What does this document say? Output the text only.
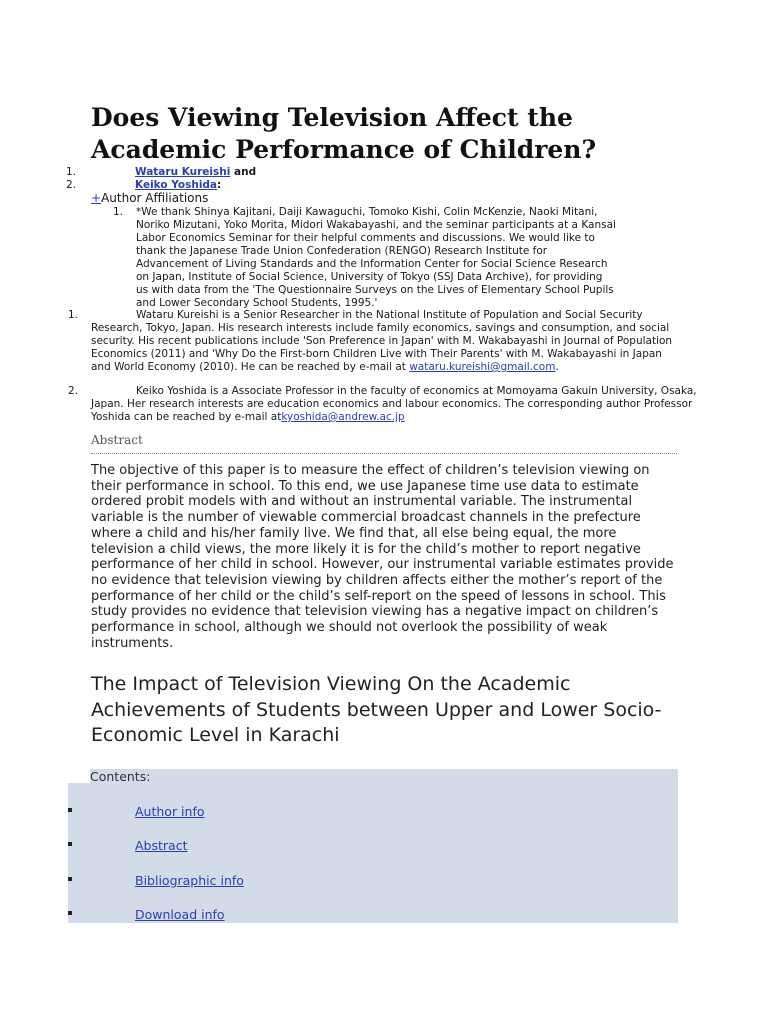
Does Viewing Television Affect the Academic Performance of Children?
1.	Wataru Kureishi and
2.	Keiko Yoshida:
+Author Affiliations
1. *We thank Shinya Kajitani, Daiji Kawaguchi, Tomoko Kishi, Colin McKenzie, Naoki Mitani, Noriko Mizutani, Yoko Morita, Midori Wakabayashi, and the seminar participants at a Kansai Labor Economics Seminar for their helpful comments and discussions. We would like to thank the Japanese Trade Union Confederation (RENGO) Research Institute for Advancement of Living Standards and the Information Center for Social Science Research on Japan, Institute of Social Science, University of Tokyo (SSJ Data Archive), for providing us with data from the 'The Questionnaire Surveys on the Lives of Elementary School Pupils and Lower Secondary School Students, 1995.'
1.	Wataru Kureishi is a Senior Researcher in the National Institute of Population and Social Security Research, Tokyo, Japan. His research interests include family economics, savings and consumption, and social security. His recent publications include 'Son Preference in Japan' with M. Wakabayashi in Journal of Population Economics (2011) and 'Why Do the First-born Children Live with Their Parents' with M. Wakabayashi in Japan and World Economy (2010). He can be reached by e-mail at wataru.kureishi@gmail.com.
2.	Keiko Yoshida is a Associate Professor in the faculty of economics at Momoyama Gakuin University, Osaka, Japan. Her research interests are education economics and labour economics. The corresponding author Professor Yoshida can be reached by e-mail atkyoshida@andrew.ac.jp
Abstract
The objective of this paper is to measure the effect of children’s television viewing on their performance in school. To this end, we use Japanese time use data to estimate ordered probit models with and without an instrumental variable. The instrumental variable is the number of viewable commercial broadcast channels in the prefecture where a child and his/her family live. We find that, all else being equal, the more television a child views, the more likely it is for the child’s mother to report negative performance of her child in school. However, our instrumental variable estimates provide no evidence that television viewing by children affects either the mother’s report of the performance of her child or the child’s self-report on the speed of lessons in school. This study provides no evidence that television viewing has a negative impact on children’s performance in school, although we should not overlook the possibility of weak instruments.
The Impact of Television Viewing On the Academic Achievements of Students between Upper and Lower Socio-Economic Level in Karachi
Contents:
Author info
Abstract
Bibliographic info
Download info
